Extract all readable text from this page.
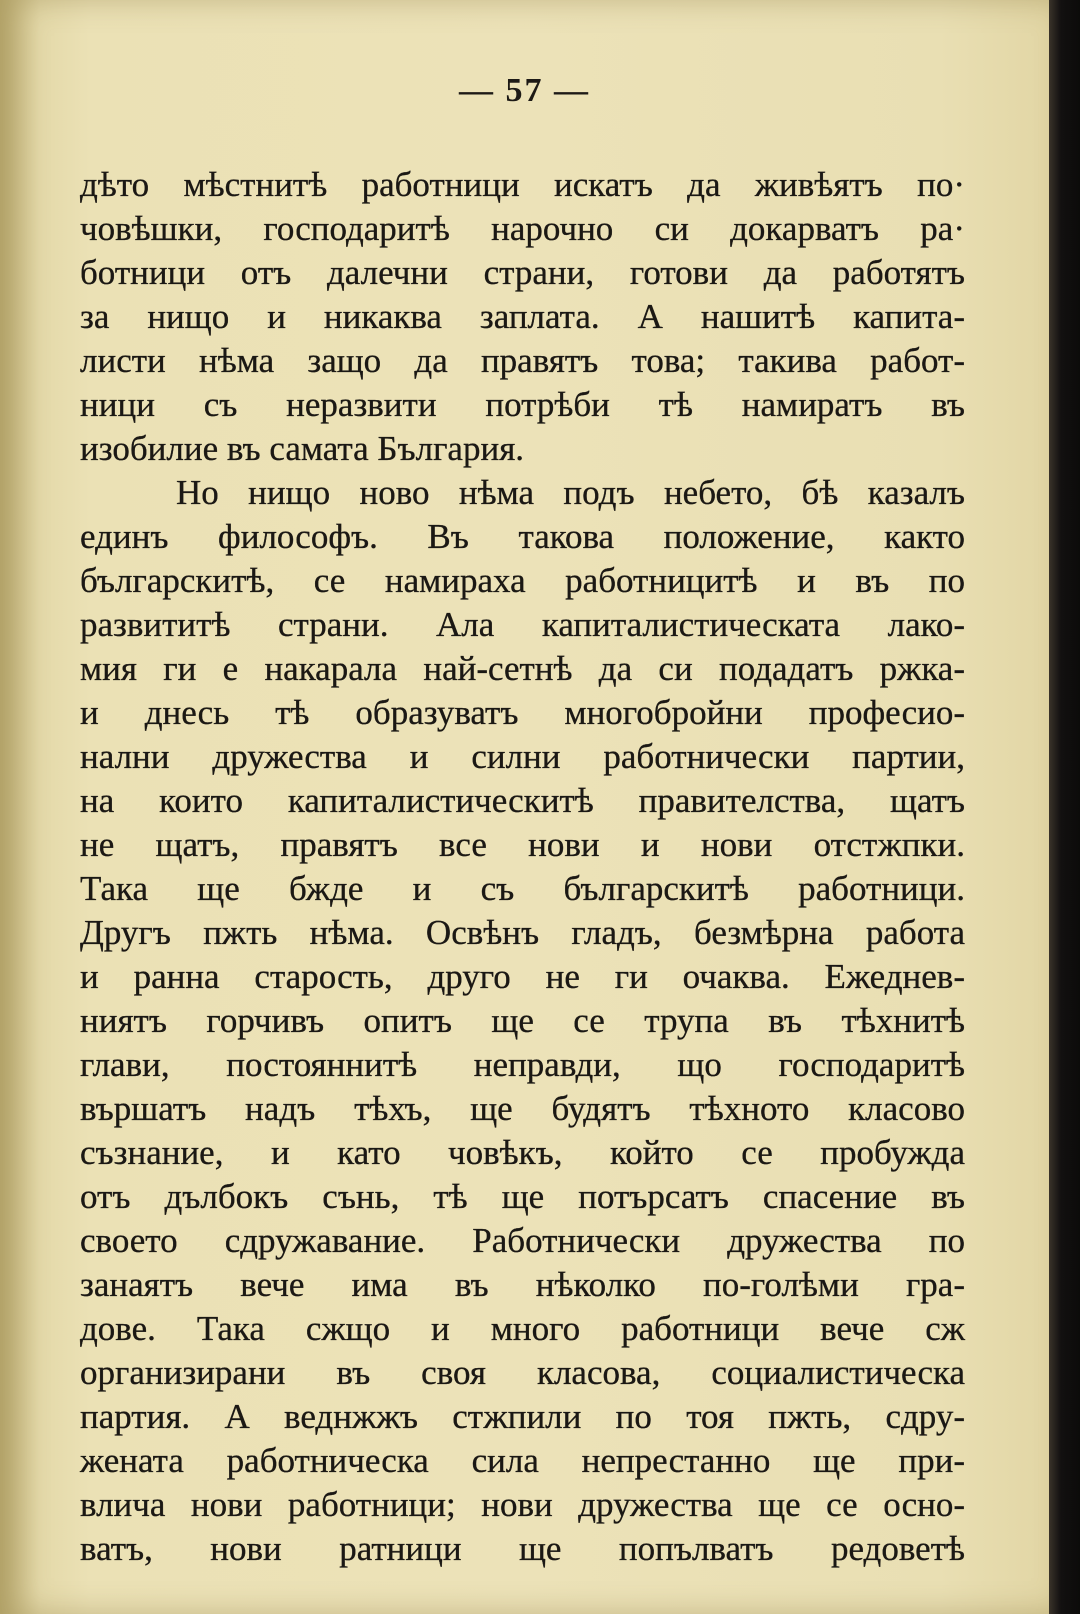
— 57 —
дѣто мѣстнитѣ работници искатъ да живѣятъ по·
човѣшки, господаритѣ нарочно си докарватъ ра·
ботници отъ далечни страни, готови да работятъ
за нищо и никаква заплата. А нашитѣ капита-
листи нѣма защо да правятъ това; такива работ-
ници съ неразвити потрѣби тѣ намиратъ въ
изобилие въ самата България.
Но нищо ново нѣма подъ небето, бѣ казалъ
единъ философъ. Въ такова положение, както
българскитѣ, се намираха работницитѣ и въ по
развититѣ страни. Ала капиталистическата лако-
мия ги е накарала най-сетнѣ да си подадатъ ржка-
и днесь тѣ образуватъ многобройни професио-
нални дружества и силни работнически партии,
на които капиталистическитѣ правителства, щатъ
не щатъ, правятъ все нови и нови отстжпки.
Така ще бжде и съ българскитѣ работници.
Другъ пжть нѣма. Освѣнъ гладъ, безмѣрна работа
и ранна старость, друго не ги очаква. Ежеднев-
ниятъ горчивъ опитъ ще се трупа въ тѣхнитѣ
глави, постояннитѣ неправди, що господаритѣ
вършатъ надъ тѣхъ, ще будятъ тѣхното класово
съзнание, и като човѣкъ, който се пробужда
отъ дълбокъ сънь, тѣ ще потърсатъ спасение въ
своето сдружавание. Работнически дружества по
занаятъ вече има въ нѣколко по-голѣми гра-
дове. Така сжщо и много работници вече сж
организирани въ своя класова, социалистическа
партия. А веднжжъ стжпили по тоя пжть, сдру-
жената работническа сила непрестанно ще при-
влича нови работници; нови дружества ще се осно-
ватъ, нови ратници ще попълватъ редоветѣ
